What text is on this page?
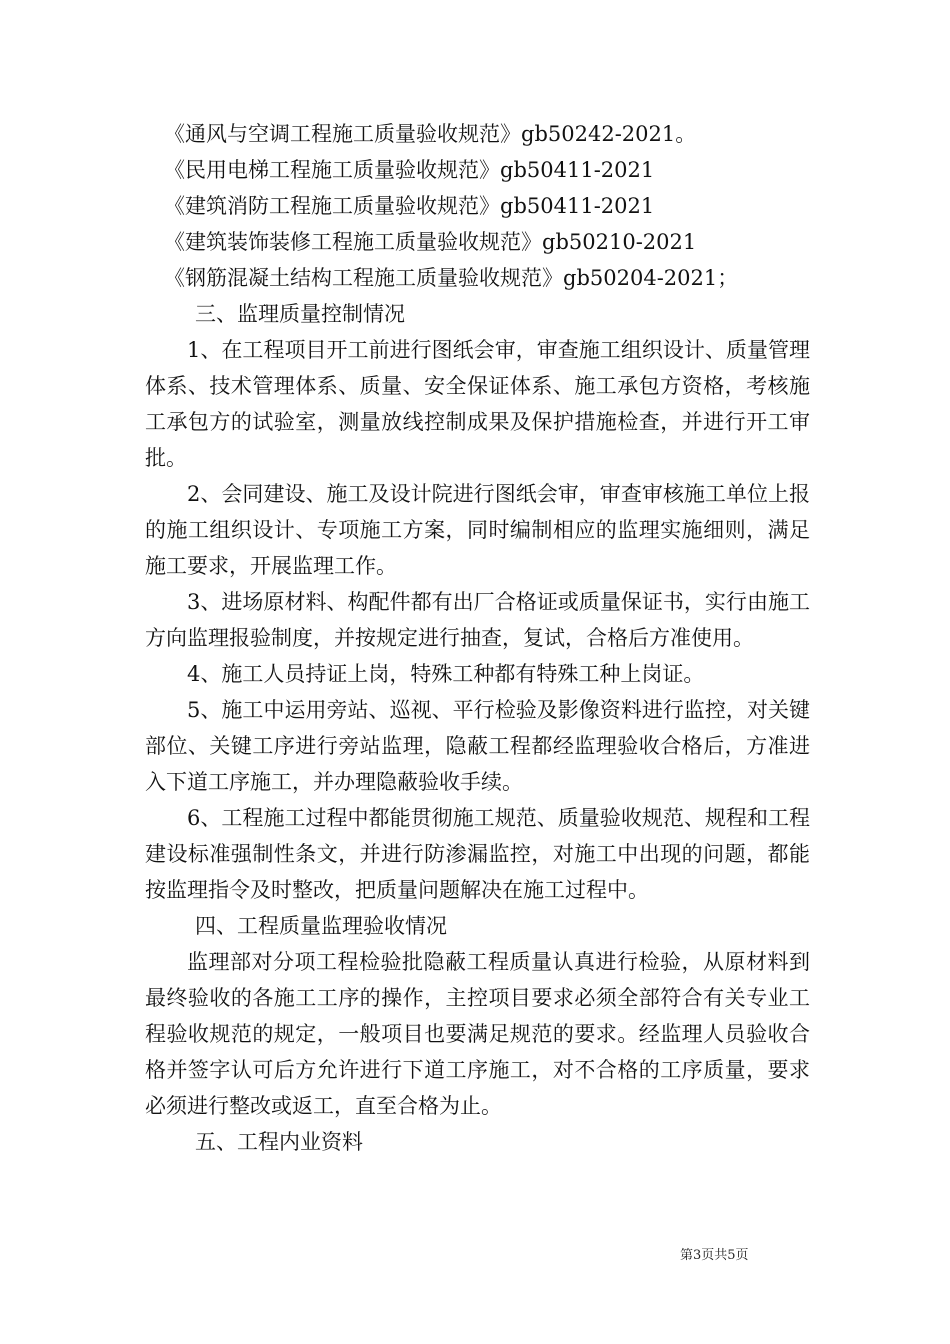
《通风与空调工程施工质量验收规范》gb50242-2021。

《民用电梯工程施工质量验收规范》gb50411-2021

《建筑消防工程施工质量验收规范》gb50411-2021

《建筑装饰装修工程施工质量验收规范》gb50210-2021

《钢筋混凝土结构工程施工质量验收规范》gb50204-2021；

三、监理质量控制情况

1、在工程项目开工前进行图纸会审，审查施工组织设计、质量管理体系、技术管理体系、质量、安全保证体系、施工承包方资格，考核施工承包方的试验室，测量放线控制成果及保护措施检查，并进行开工审批。

2、会同建设、施工及设计院进行图纸会审，审查审核施工单位上报的施工组织设计、专项施工方案，同时编制相应的监理实施细则，满足施工要求，开展监理工作。

3、进场原材料、构配件都有出厂合格证或质量保证书，实行由施工方向监理报验制度，并按规定进行抽查，复试，合格后方准使用。

4、施工人员持证上岗，特殊工种都有特殊工种上岗证。

5、施工中运用旁站、巡视、平行检验及影像资料进行监控，对关键部位、关键工序进行旁站监理，隐蔽工程都经监理验收合格后，方准进入下道工序施工，并办理隐蔽验收手续。

6、工程施工过程中都能贯彻施工规范、质量验收规范、规程和工程建设标准强制性条文，并进行防渗漏监控，对施工中出现的问题，都能按监理指令及时整改，把质量问题解决在施工过程中。

四、工程质量监理验收情况

监理部对分项工程检验批隐蔽工程质量认真进行检验，从原材料到最终验收的各施工工序的操作，主控项目要求必须全部符合有关专业工程验收规范的规定，一般项目也要满足规范的要求。经监理人员验收合格并签字认可后方允许进行下道工序施工，对不合格的工序质量，要求必须进行整改或返工，直至合格为止。

五、工程内业资料

第3页共5页
